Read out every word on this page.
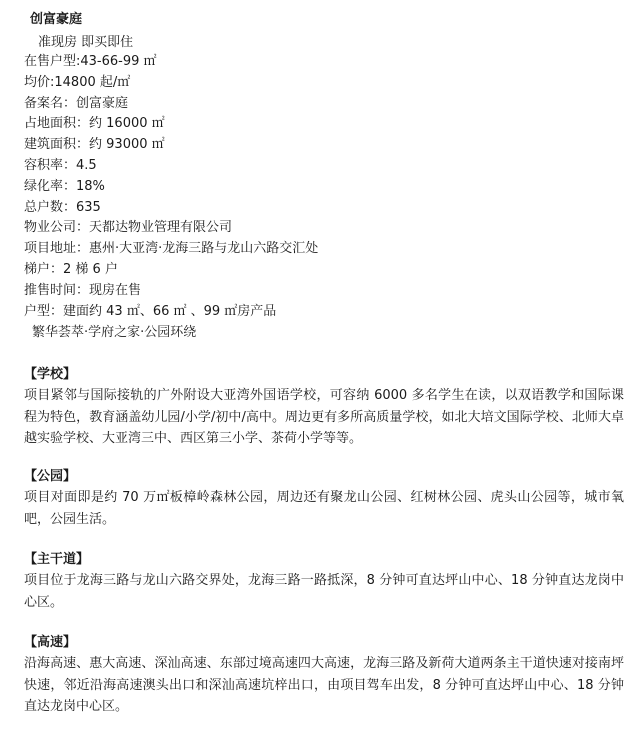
创富豪庭
准现房 即买即住
在售户型:43-66-99 ㎡
均价:14800 起/㎡
备案名：创富豪庭
占地面积：约 16000 ㎡
建筑面积：约 93000 ㎡
容积率：4.5
绿化率：18%
总户数：635
物业公司：天都达物业管理有限公司
项目地址：惠州·大亚湾·龙海三路与龙山六路交汇处
梯户：2 梯 6 户
推售时间：现房在售
户型：建面约 43 ㎡、66 ㎡ 、99 ㎡房产品
繁华荟萃·学府之家·公园环绕
【学校】
项目紧邻与国际接轨的广外附设大亚湾外国语学校，可容纳 6000 多名学生在读，以双语教学和国际课程为特色，教育涵盖幼儿园/小学/初中/高中。周边更有多所高质量学校，如北大培文国际学校、北师大卓越实验学校、大亚湾三中、西区第三小学、茶荷小学等等。
【公园】
项目对面即是约 70 万㎡板樟岭森林公园，周边还有聚龙山公园、红树林公园、虎头山公园等，城市氧吧，公园生活。
【主干道】
项目位于龙海三路与龙山六路交界处，龙海三路一路抵深，8 分钟可直达坪山中心、18 分钟直达龙岗中心区。
【高速】
沿海高速、惠大高速、深汕高速、东部过境高速四大高速，龙海三路及新荷大道两条主干道快速对接南坪快速，邻近沿海高速澳头出口和深汕高速坑梓出口，由项目驾车出发，8 分钟可直达坪山中心、18 分钟直达龙岗中心区。
